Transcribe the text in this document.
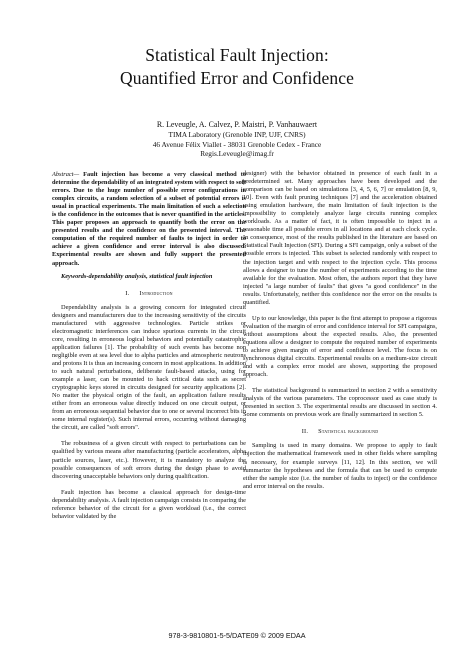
Statistical Fault Injection:
Quantified Error and Confidence
R. Leveugle, A. Calvez, P. Maistri, P. Vanhauwaert
TIMA Laboratory (Grenoble INP, UJF, CNRS)
46 Avenue Félix Viallet - 38031 Grenoble Cedex - France
Regis.Leveugle@imag.fr

Abstract— Fault injection has become a very classical method to determine the dependability of an integrated system with respect to soft errors. Due to the huge number of possible error configurations in complex circuits, a random selection of a subset of potential errors is usual in practical experiments. The main limitation of such a selection is the confidence in the outcomes that is never quantified in the articles. This paper proposes an approach to quantify both the error on the presented results and the confidence on the presented interval. The computation of the required number of faults to inject in order to achieve a given confidence and error interval is also discussed. Experimental results are shown and fully support the presented approach.

Keywords-dependability analysis, statistical fault injection

I. Introduction

Dependability analysis is a growing concern for integrated circuit designers and manufacturers due to the increasing sensitivity of the circuits manufactured with aggressive technologies. Particle strikes or electromagnetic interferences can induce spurious currents in the circuit core, resulting in erroneous logical behaviors and potentially catastrophic application failures [1]. The probability of such events has become non negligible even at sea level due to alpha particles and atmospheric neutrons and protons It is thus an increasing concern in most applications. In addition to such natural perturbations, deliberate fault-based attacks, using for example a laser, can be mounted to hack critical data such as secret cryptographic keys stored in circuits designed for security applications [2]. No matter the physical origin of the fault, an application failure results either from an erroneous value directly induced on one circuit output, or from an erroneous sequential behavior due to one or several incorrect bits in some internal register(s). Such internal errors, occurring without damaging the circuit, are called "soft errors".

The robustness of a given circuit with respect to perturbations can be qualified by various means after manufacturing (particle accelerators, alpha particle sources, laser, etc.). However, it is mandatory to analyze the possible consequences of soft errors during the design phase to avoid discovering unacceptable behaviors only during qualification.

Fault injection has become a classical approach for design-time dependability analysis. A fault injection campaign consists in comparing the reference behavior of the circuit for a given workload (i.e., the correct behavior validated by the

designer) with the behavior obtained in presence of each fault in a predetermined set. Many approaches have been developed and the comparison can be based on simulations [3, 4, 5, 6, 7] or emulation [8, 9, 10]. Even with fault pruning techniques [7] and the acceleration obtained using emulation hardware, the main limitation of fault injection is the impossibility to completely analyze large circuits running complex workloads. As a matter of fact, it is often impossible to inject in a reasonable time all possible errors in all locations and at each clock cycle. In consequence, most of the results published in the literature are based on Statistical Fault Injection (SFI). During a SFI campaign, only a subset of the possible errors is injected. This subset is selected randomly with respect to the injection target and with respect to the injection cycle. This process allows a designer to tune the number of experiments according to the time available for the evaluation. Most often, the authors report that they have injected "a large number of faults" that gives "a good confidence" in the results. Unfortunately, neither this confidence nor the error on the results is quantified.

Up to our knowledge, this paper is the first attempt to propose a rigorous evaluation of the margin of error and confidence interval for SFI campaigns, without assumptions about the expected results. Also, the presented equations allow a designer to compute the required number of experiments to achieve given margin of error and confidence level. The focus is on synchronous digital circuits. Experimental results on a medium-size circuit and with a complex error model are shown, supporting the proposed approach.

The statistical background is summarized in section 2 with a sensitivity analysis of the various parameters. The coprocessor used as case study is presented in section 3. The experimental results are discussed in section 4. Some comments on previous work are finally summarized in section 5.

II. Statistical background

Sampling is used in many domains. We propose to apply to fault injection the mathematical framework used in other fields where sampling is necessary, for example surveys [11, 12]. In this section, we will summarize the hypotheses and the formula that can be used to compute either the sample size (i.e. the number of faults to inject) or the confidence and error interval on the results.

978-3-9810801-5-5/DATE09 © 2009 EDAA
